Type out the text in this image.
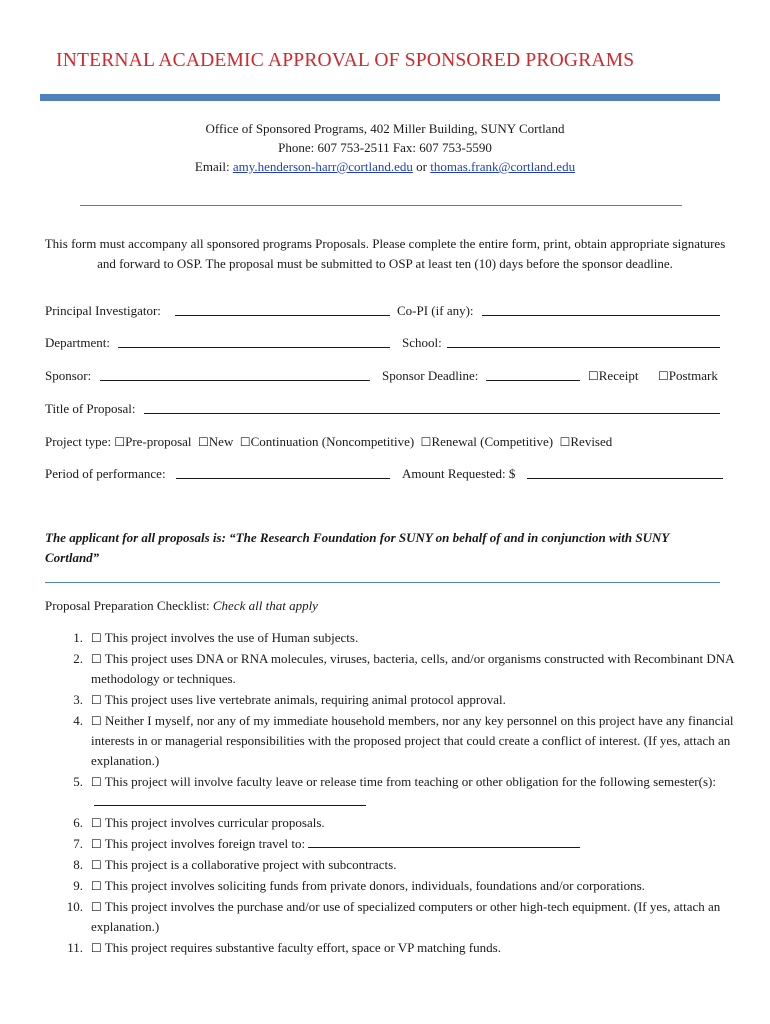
INTERNAL ACADEMIC APPROVAL OF SPONSORED PROGRAMS
Office of Sponsored Programs, 402 Miller Building, SUNY Cortland
Phone: 607 753-2511 Fax: 607 753-5590
Email: amy.henderson-harr@cortland.edu or thomas.frank@cortland.edu
This form must accompany all sponsored programs Proposals. Please complete the entire form, print, obtain appropriate signatures and forward to OSP. The proposal must be submitted to OSP at least ten (10) days before the sponsor deadline.
Principal Investigator:	Co-PI (if any):
Department:	School:
Sponsor:	Sponsor Deadline:	☐Receipt ☐Postmark
Title of Proposal:
Project type: ☐Pre-proposal ☐New ☐Continuation (Noncompetitive) ☐Renewal (Competitive) ☐Revised
Period of performance:	Amount Requested: $
The applicant for all proposals is: “The Research Foundation for SUNY on behalf of and in conjunction with SUNY Cortland”
Proposal Preparation Checklist: Check all that apply
1. ☐ This project involves the use of Human subjects.
2. ☐ This project uses DNA or RNA molecules, viruses, bacteria, cells, and/or organisms constructed with Recombinant DNA methodology or techniques.
3. ☐ This project uses live vertebrate animals, requiring animal protocol approval.
4. ☐ Neither I myself, nor any of my immediate household members, nor any key personnel on this project have any financial interests in or managerial responsibilities with the proposed project that could create a conflict of interest. (If yes, attach an explanation.)
5. ☐ This project will involve faculty leave or release time from teaching or other obligation for the following semester(s):
6. ☐ This project involves curricular proposals.
7. ☐ This project involves foreign travel to:
8. ☐ This project is a collaborative project with subcontracts.
9. ☐ This project involves soliciting funds from private donors, individuals, foundations and/or corporations.
10. ☐ This project involves the purchase and/or use of specialized computers or other high-tech equipment. (If yes, attach an explanation.)
11. ☐ This project requires substantive faculty effort, space or VP matching funds.
